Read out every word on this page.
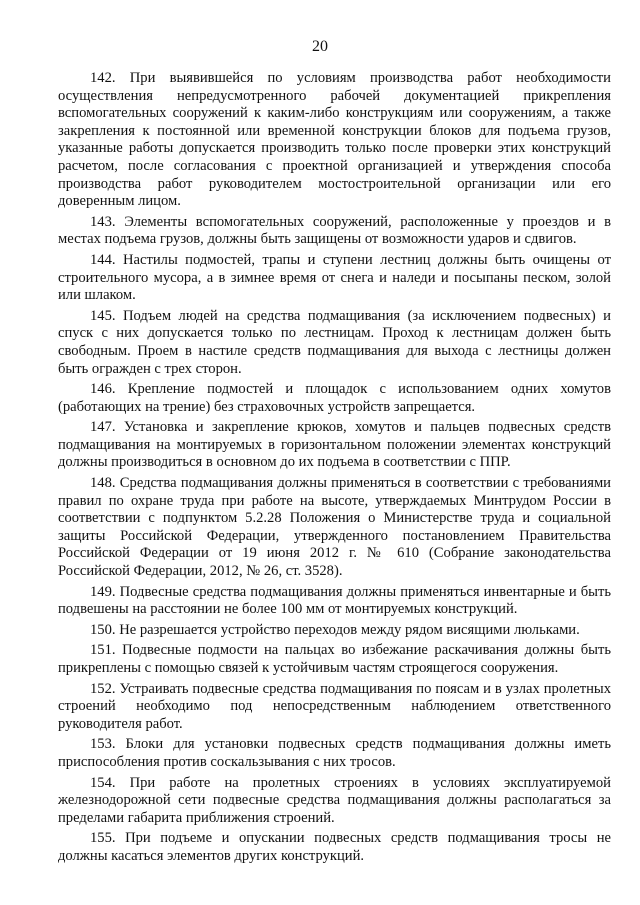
20

142. При выявившейся по условиям производства работ необходимости осуществления непредусмотренного рабочей документацией прикрепления вспомогательных сооружений к каким-либо конструкциям или сооружениям, а также закрепления к постоянной или временной конструкции блоков для подъема грузов, указанные работы допускается производить только после проверки этих конструкций расчетом, после согласования с проектной организацией и утверждения способа производства работ руководителем мостостроительной организации или его доверенным лицом.

143. Элементы вспомогательных сооружений, расположенные у проездов и в местах подъема грузов, должны быть защищены от возможности ударов и сдвигов.

144. Настилы подмостей, трапы и ступени лестниц должны быть очищены от строительного мусора, а в зимнее время от снега и наледи и посыпаны песком, золой или шлаком.

145. Подъем людей на средства подмащивания (за исключением подвесных) и спуск с них допускается только по лестницам. Проход к лестницам должен быть свободным. Проем в настиле средств подмащивания для выхода с лестницы должен быть огражден с трех сторон.

146. Крепление подмостей и площадок с использованием одних хомутов (работающих на трение) без страховочных устройств запрещается.

147. Установка и закрепление крюков, хомутов и пальцев подвесных средств подмащивания на монтируемых в горизонтальном положении элементах конструкций должны производиться в основном до их подъема в соответствии с ППР.

148. Средства подмащивания должны применяться в соответствии с требованиями правил по охране труда при работе на высоте, утверждаемых Минтрудом России в соответствии с подпунктом 5.2.28 Положения о Министерстве труда и социальной защиты Российской Федерации, утвержденного постановлением Правительства Российской Федерации от 19 июня 2012 г. № 610 (Собрание законодательства Российской Федерации, 2012, № 26, ст. 3528).

149. Подвесные средства подмащивания должны применяться инвентарные и быть подвешены на расстоянии не более 100 мм от монтируемых конструкций.

150. Не разрешается устройство переходов между рядом висящими люльками.

151. Подвесные подмости на пальцах во избежание раскачивания должны быть прикреплены с помощью связей к устойчивым частям строящегося сооружения.

152. Устраивать подвесные средства подмащивания по поясам и в узлах пролетных строений необходимо под непосредственным наблюдением ответственного руководителя работ.

153. Блоки для установки подвесных средств подмащивания должны иметь приспособления против соскальзывания с них тросов.

154. При работе на пролетных строениях в условиях эксплуатируемой железнодорожной сети подвесные средства подмащивания должны располагаться за пределами габарита приближения строений.

155. При подъеме и опускании подвесных средств подмащивания тросы не должны касаться элементов других конструкций.
